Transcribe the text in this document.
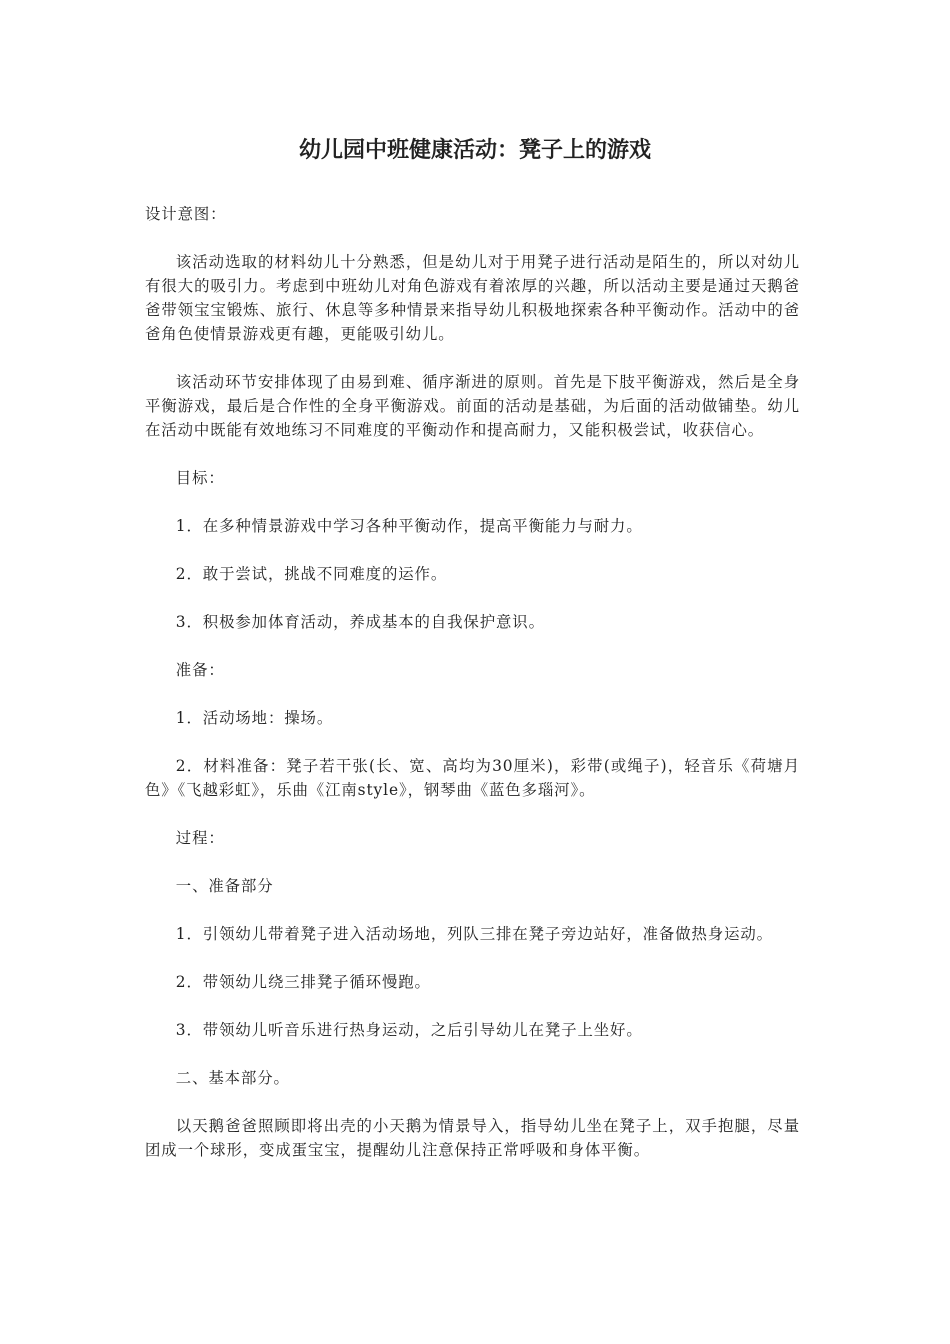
幼儿园中班健康活动：凳子上的游戏

设计意图：

该活动选取的材料幼儿十分熟悉，但是幼儿对于用凳子进行活动是陌生的，所以对幼儿有很大的吸引力。考虑到中班幼儿对角色游戏有着浓厚的兴趣，所以活动主要是通过天鹅爸爸带领宝宝锻炼、旅行、休息等多种情景来指导幼儿积极地探索各种平衡动作。活动中的爸爸角色使情景游戏更有趣，更能吸引幼儿。

该活动环节安排体现了由易到难、循序渐进的原则。首先是下肢平衡游戏，然后是全身平衡游戏，最后是合作性的全身平衡游戏。前面的活动是基础，为后面的活动做铺垫。幼儿在活动中既能有效地练习不同难度的平衡动作和提高耐力，又能积极尝试，收获信心。

目标：

1．在多种情景游戏中学习各种平衡动作，提高平衡能力与耐力。

2．敢于尝试，挑战不同难度的运作。

3．积极参加体育活动，养成基本的自我保护意识。

准备：

1．活动场地：操场。

2．材料准备：凳子若干张(长、宽、高均为30厘米)，彩带(或绳子)，轻音乐《荷塘月色》《飞越彩虹》，乐曲《江南style》，钢琴曲《蓝色多瑙河》。

过程：

一、准备部分

1．引领幼儿带着凳子进入活动场地，列队三排在凳子旁边站好，准备做热身运动。

2．带领幼儿绕三排凳子循环慢跑。

3．带领幼儿听音乐进行热身运动，之后引导幼儿在凳子上坐好。

二、基本部分。

以天鹅爸爸照顾即将出壳的小天鹅为情景导入，指导幼儿坐在凳子上，双手抱腿，尽量团成一个球形，变成蛋宝宝，提醒幼儿注意保持正常呼吸和身体平衡。
